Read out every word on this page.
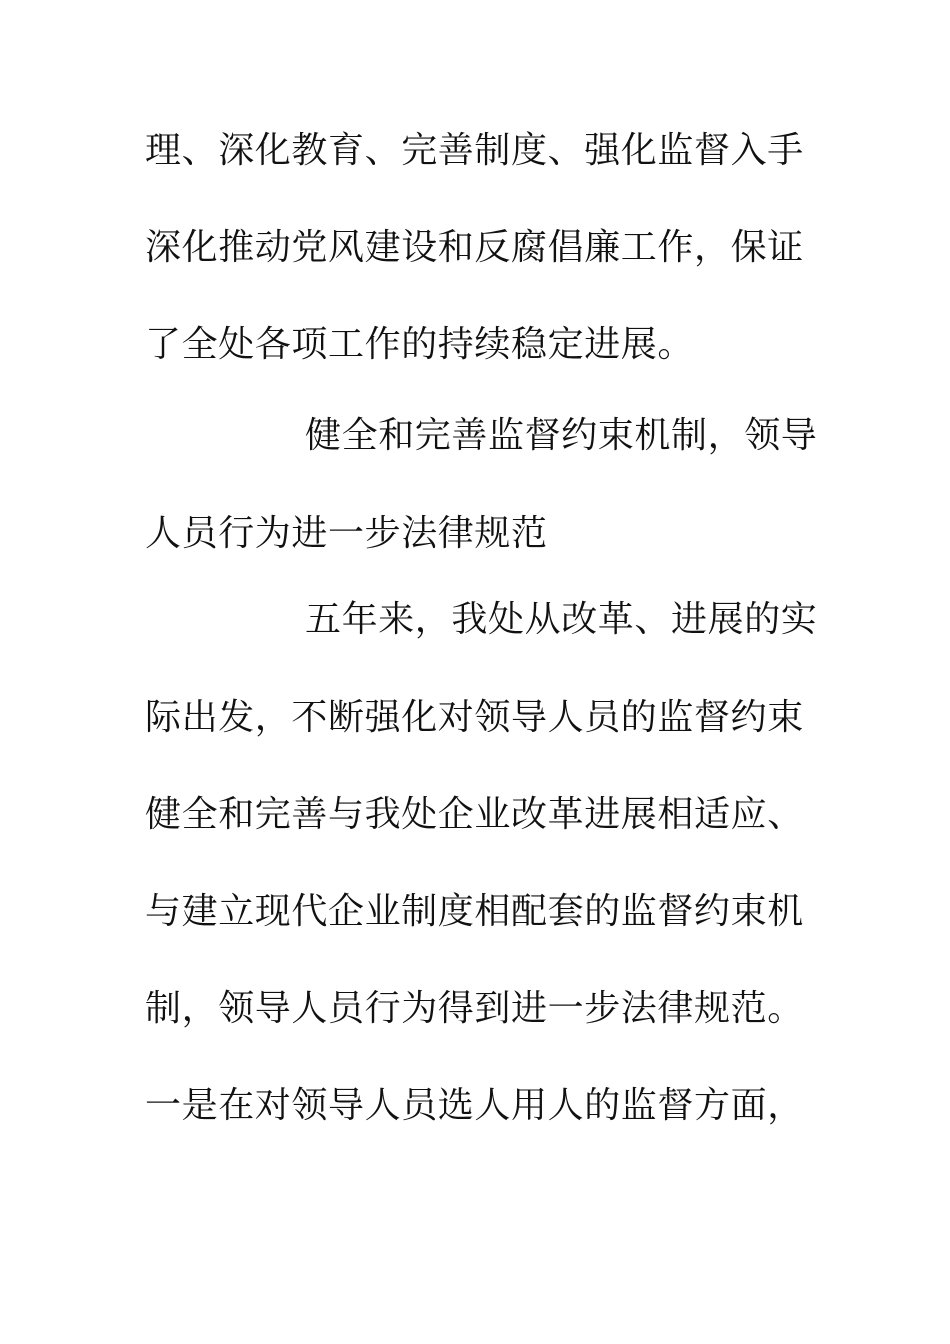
理、深化教育、完善制度、强化监督入手
深化推动党风建设和反腐倡廉工作，保证
了全处各项工作的持续稳定进展。
健全和完善监督约束机制，领导
人员行为进一步法律规范
五年来，我处从改革、进展的实
际出发，不断强化对领导人员的监督约束
健全和完善与我处企业改革进展相适应、
与建立现代企业制度相配套的监督约束机
制，领导人员行为得到进一步法律规范。
一是在对领导人员选人用人的监督方面，
